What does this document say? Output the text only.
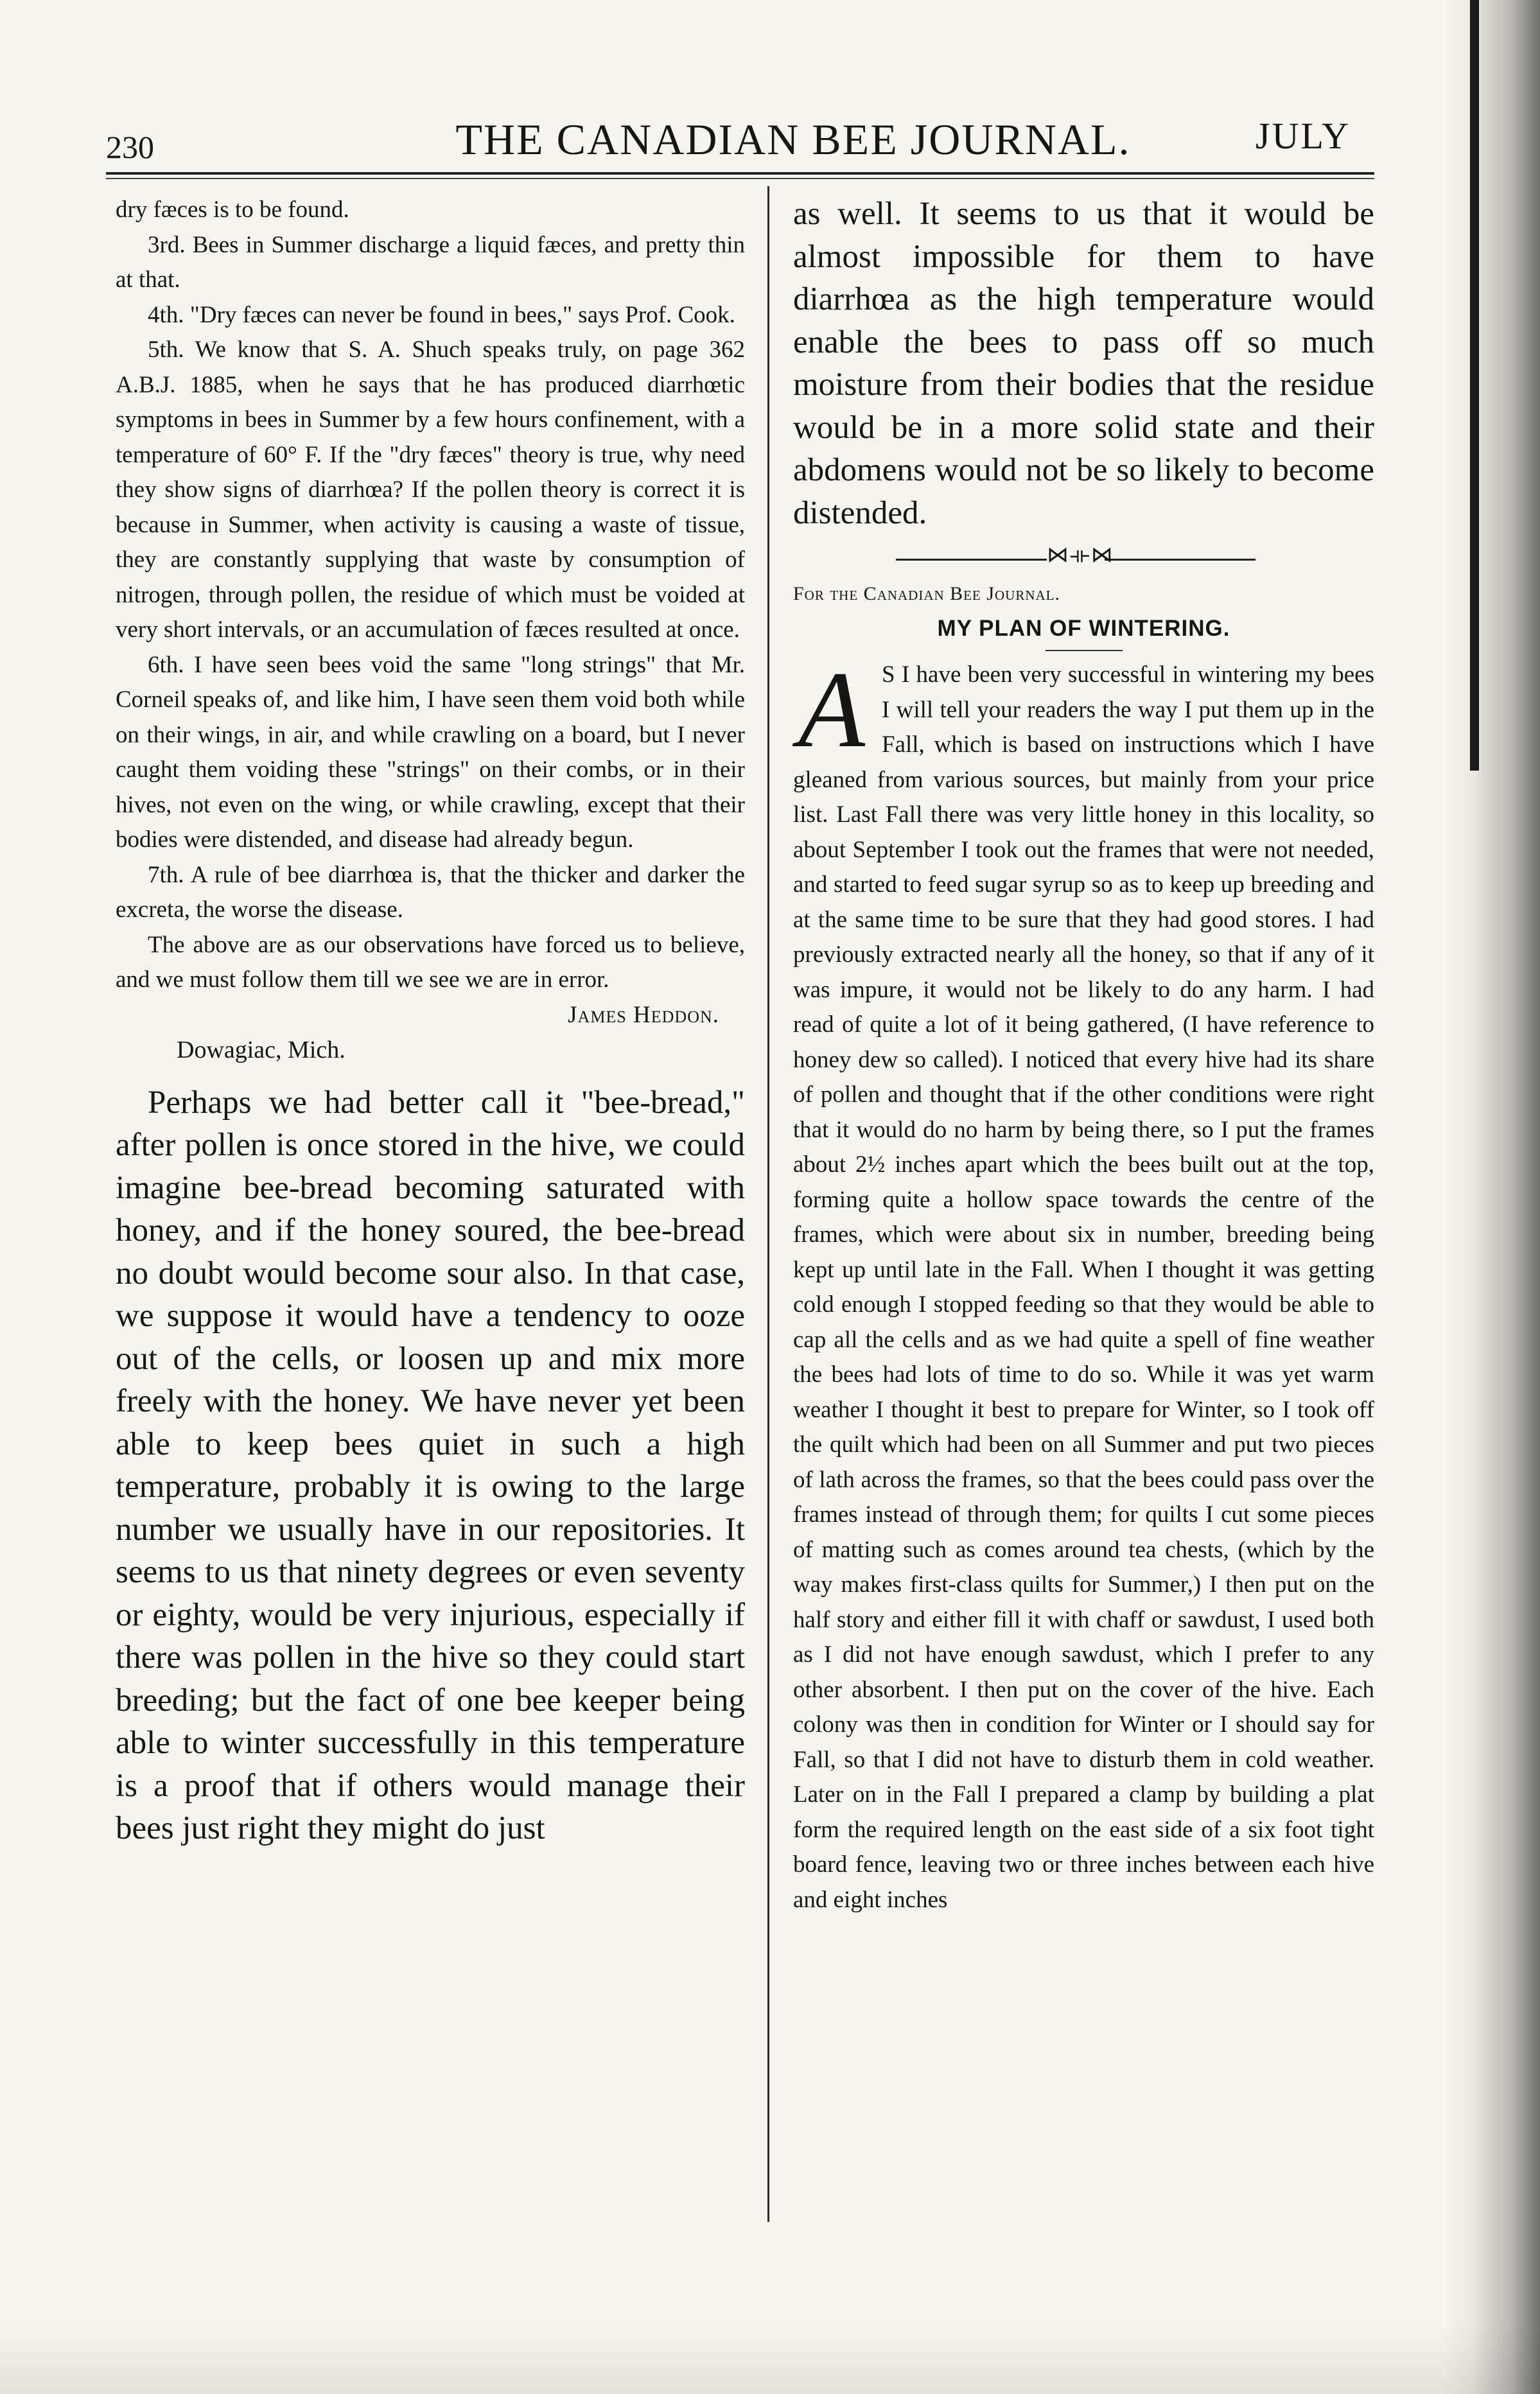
230	THE CANADIAN BEE JOURNAL.	JULY

dry fæces is to be found.

3rd. Bees in Summer discharge a liquid fæces, and pretty thin at that.

4th. "Dry fæces can never be found in bees," says Prof. Cook.

5th. We know that S. A. Shuch speaks truly, on page 362 A.B.J. 1885, when he says that he has produced diarrhœtic symptoms in bees in Summer by a few hours confinement, with a temperature of 60° F. If the "dry fæces" theory is true, why need they show signs of diarrhœa? If the pollen theory is correct it is because in Summer, when activity is causing a waste of tissue, they are constantly supplying that waste by consumption of nitrogen, through pollen, the residue of which must be voided at very short intervals, or an accumulation of fæces resulted at once.

6th. I have seen bees void the same "long strings" that Mr. Corneil speaks of, and like him, I have seen them void both while on their wings, in air, and while crawling on a board, but I never caught them voiding these "strings" on their combs, or in their hives, not even on the wing, or while crawling, except that their bodies were distended, and disease had already begun.

7th. A rule of bee diarrhœa is, that the thicker and darker the excreta, the worse the disease.

The above are as our observations have forced us to believe, and we must follow them till we see we are in error.

James Heddon.
Dowagiac, Mich.

Perhaps we had better call it "bee-bread," after pollen is once stored in the hive, we could imagine bee-bread becoming saturated with honey, and if the honey soured, the bee-bread no doubt would become sour also. In that case, we suppose it would have a tendency to ooze out of the cells, or loosen up and mix more freely with the honey. We have never yet been able to keep bees quiet in such a high temperature, probably it is owing to the large number we usually have in our repositories. It seems to us that ninety degrees or even seventy or eighty, would be very injurious, especially if there was pollen in the hive so they could start breeding; but the fact of one bee keeper being able to winter successfully in this temperature is a proof that if others would manage their bees just right they might do just

as well. It seems to us that it would be almost impossible for them to have diarrhœa as the high temperature would enable the bees to pass off so much moisture from their bodies that the residue would be in a more solid state and their abdomens would not be so likely to become distended.

⋈⟛⋈
For the Canadian Bee Journal.
MY PLAN OF WINTERING.
A S I have been very successful in wintering my bees I will tell your readers the way I put them up in the Fall, which is based on instructions which I have gleaned from various sources, but mainly from your price list. Last Fall there was very little honey in this locality, so about September I took out the frames that were not needed, and started to feed sugar syrup so as to keep up breeding and at the same time to be sure that they had good stores. I had previously extracted nearly all the honey, so that if any of it was impure, it would not be likely to do any harm. I had read of quite a lot of it being gathered, (I have reference to honey dew so called). I noticed that every hive had its share of pollen and thought that if the other conditions were right that it would do no harm by being there, so I put the frames about 2½ inches apart which the bees built out at the top, forming quite a hollow space towards the centre of the frames, which were about six in number, breeding being kept up until late in the Fall. When I thought it was getting cold enough I stopped feeding so that they would be able to cap all the cells and as we had quite a spell of fine weather the bees had lots of time to do so. While it was yet warm weather I thought it best to prepare for Winter, so I took off the quilt which had been on all Summer and put two pieces of lath across the frames, so that the bees could pass over the frames instead of through them; for quilts I cut some pieces of matting such as comes around tea chests, (which by the way makes first-class quilts for Summer,) I then put on the half story and either fill it with chaff or sawdust, I used both as I did not have enough sawdust, which I prefer to any other absorbent. I then put on the cover of the hive. Each colony was then in condition for Winter or I should say for Fall, so that I did not have to disturb them in cold weather. Later on in the Fall I prepared a clamp by building a plat form the required length on the east side of a six foot tight board fence, leaving two or three inches between each hive and eight inches
